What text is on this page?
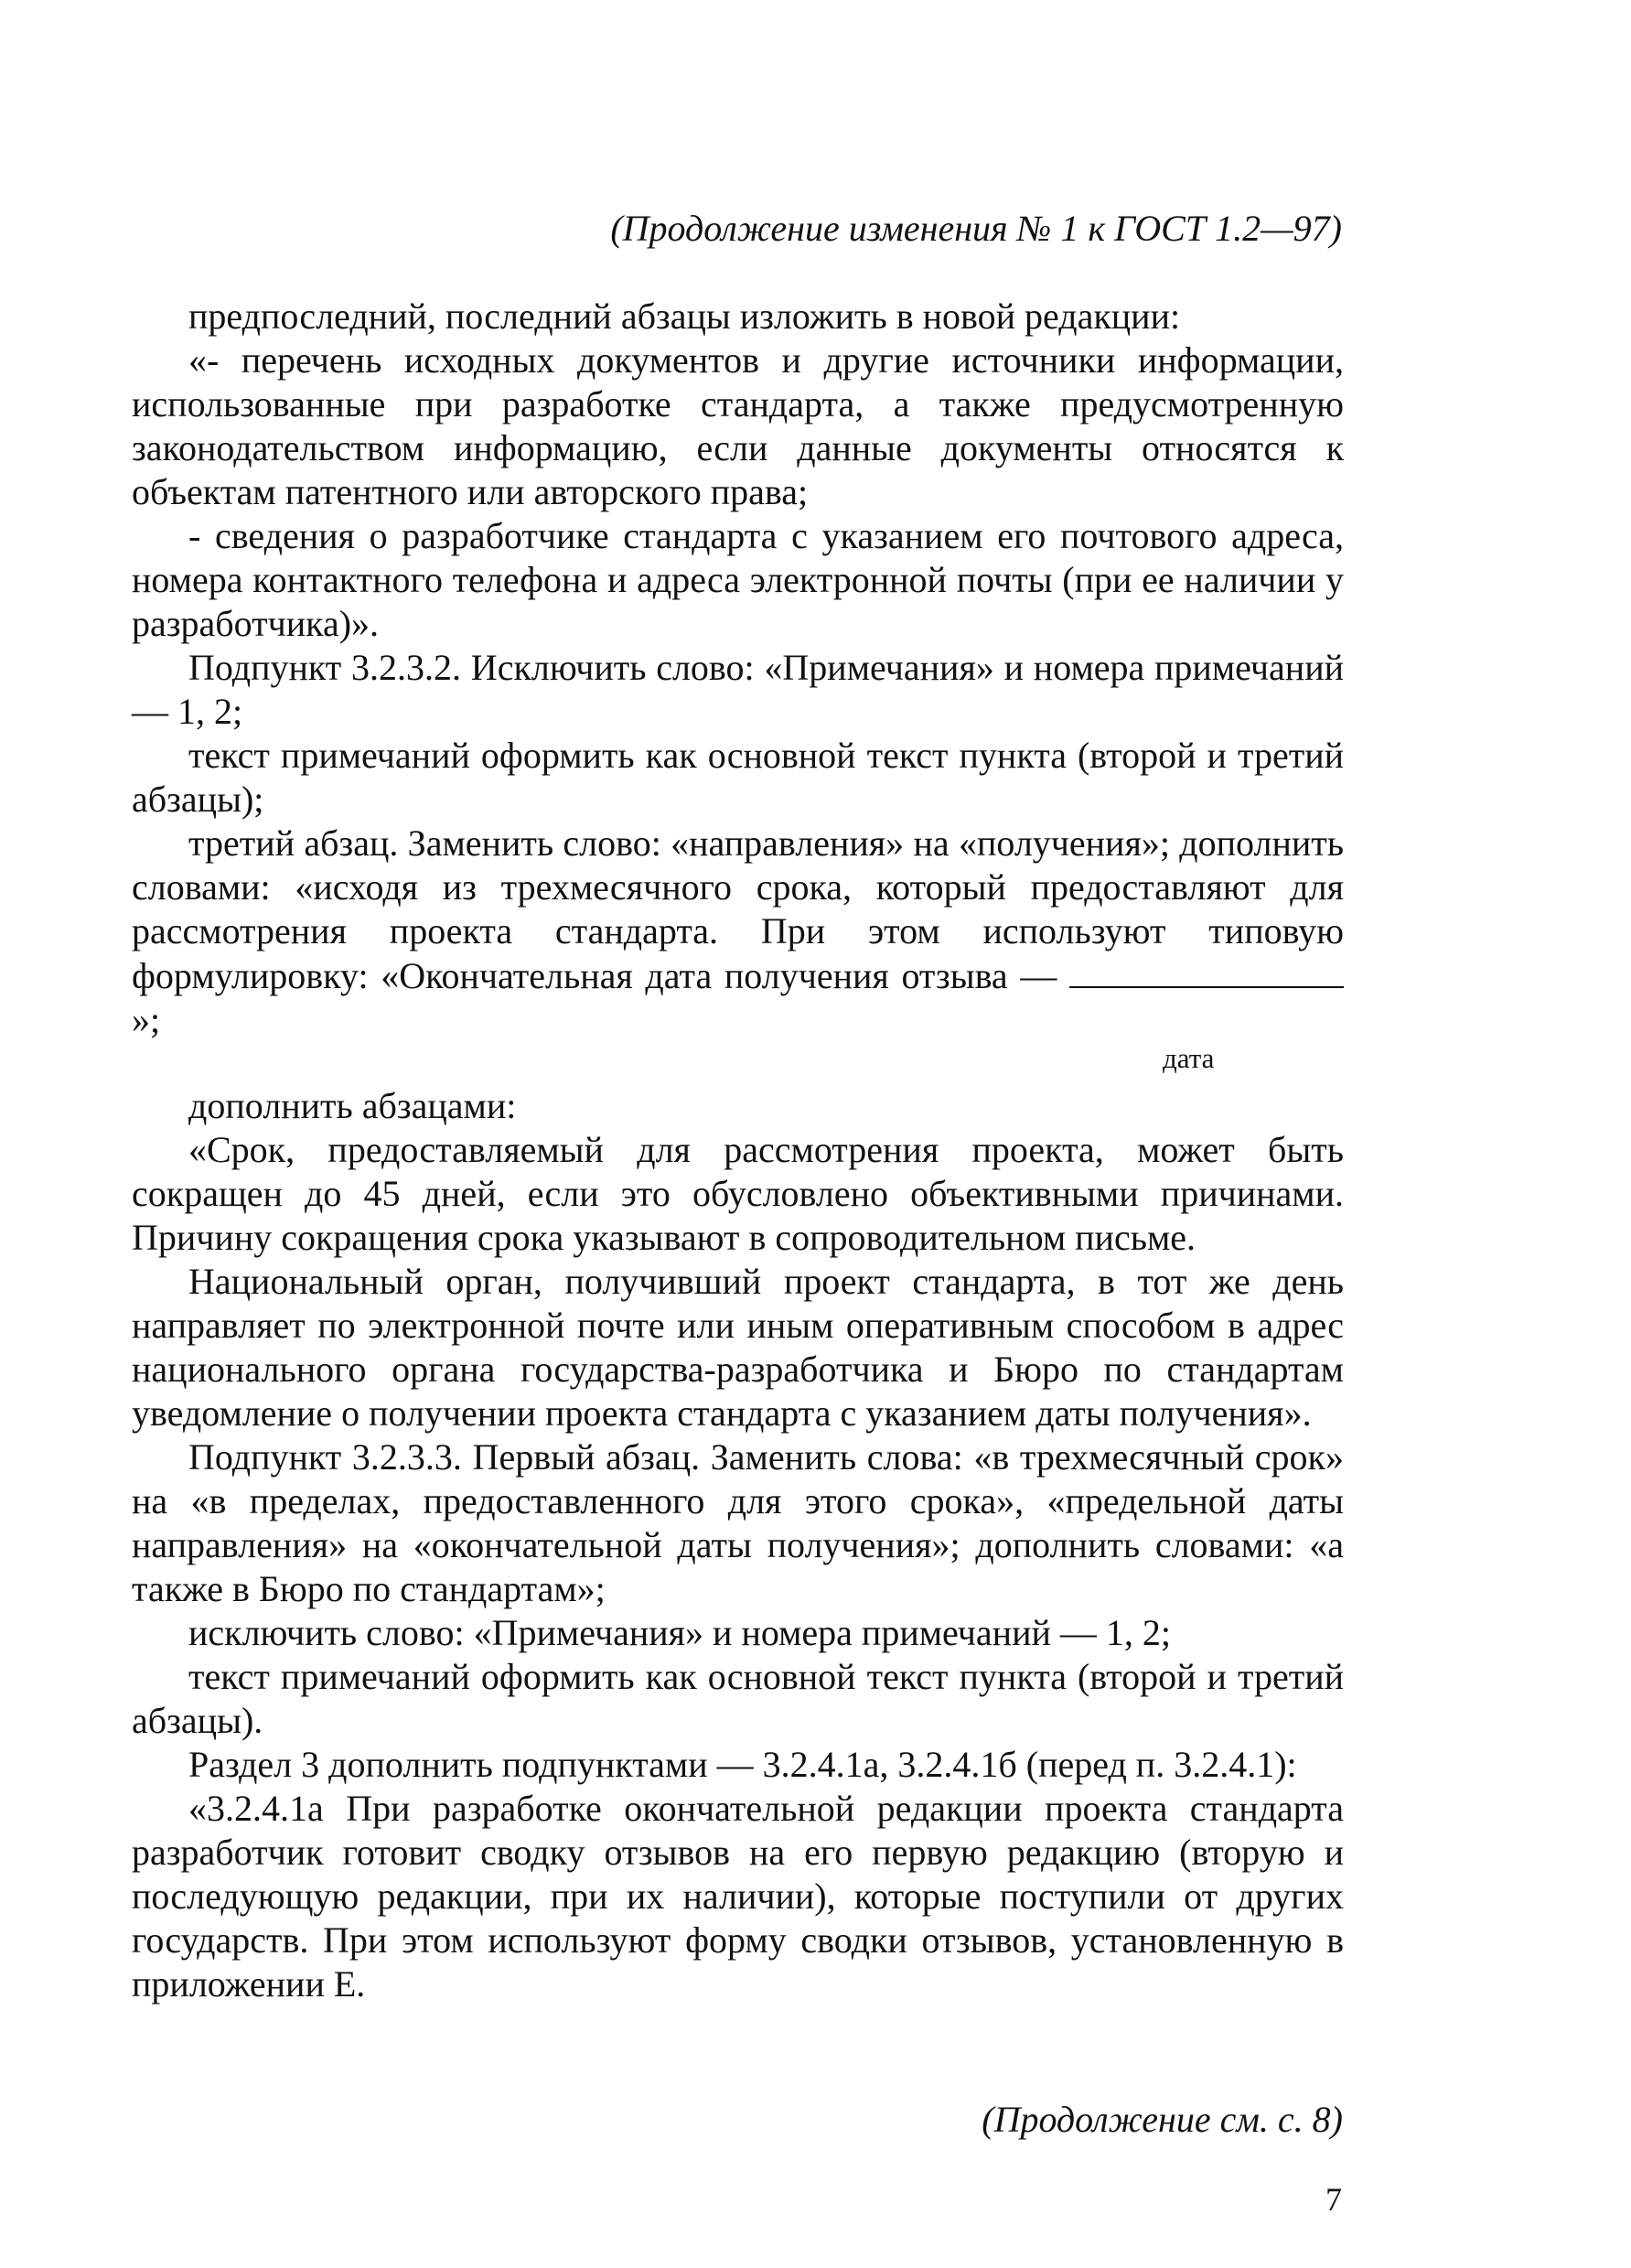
(Продолжение изменения № 1 к ГОСТ 1.2—97)

предпоследний, последний абзацы изложить в новой редакции:

«- перечень исходных документов и другие источники информации, использованные при разработке стандарта, а также предусмотренную законодательством информацию, если данные документы относятся к объектам патентного или авторского права;

- сведения о разработчике стандарта с указанием его почтового адреса, номера контактного телефона и адреса электронной почты (при ее наличии у разработчика)».

Подпункт 3.2.3.2. Исключить слово: «Примечания» и номера примечаний — 1, 2;

текст примечаний оформить как основной текст пункта (второй и третий абзацы);

третий абзац. Заменить слово: «направления» на «получения»; дополнить словами: «исходя из трехмесячного срока, который предоставляют для рассмотрения проекта стандарта. При этом используют типовую формулировку: «Окончательная дата получения отзыва — »;

дата

дополнить абзацами:

«Срок, предоставляемый для рассмотрения проекта, может быть сокращен до 45 дней, если это обусловлено объективными причинами. Причину сокращения срока указывают в сопроводительном письме.

Национальный орган, получивший проект стандарта, в тот же день направляет по электронной почте или иным оперативным способом в адрес национального органа государства-разработчика и Бюро по стандартам уведомление о получении проекта стандарта с указанием даты получения».

Подпункт 3.2.3.3. Первый абзац. Заменить слова: «в трехмесячный срок» на «в пределах, предоставленного для этого срока», «предельной даты направления» на «окончательной даты получения»; дополнить словами: «а также в Бюро по стандартам»;

исключить слово: «Примечания» и номера примечаний — 1, 2;

текст примечаний оформить как основной текст пункта (второй и третий абзацы).

Раздел 3 дополнить подпунктами — 3.2.4.1а, 3.2.4.1б (перед п. 3.2.4.1):

«3.2.4.1а При разработке окончательной редакции проекта стандарта разработчик готовит сводку отзывов на его первую редакцию (вторую и последующую редакции, при их наличии), которые поступили от других государств. При этом используют форму сводки отзывов, установленную в приложении Е.

(Продолжение см. с. 8)
7
